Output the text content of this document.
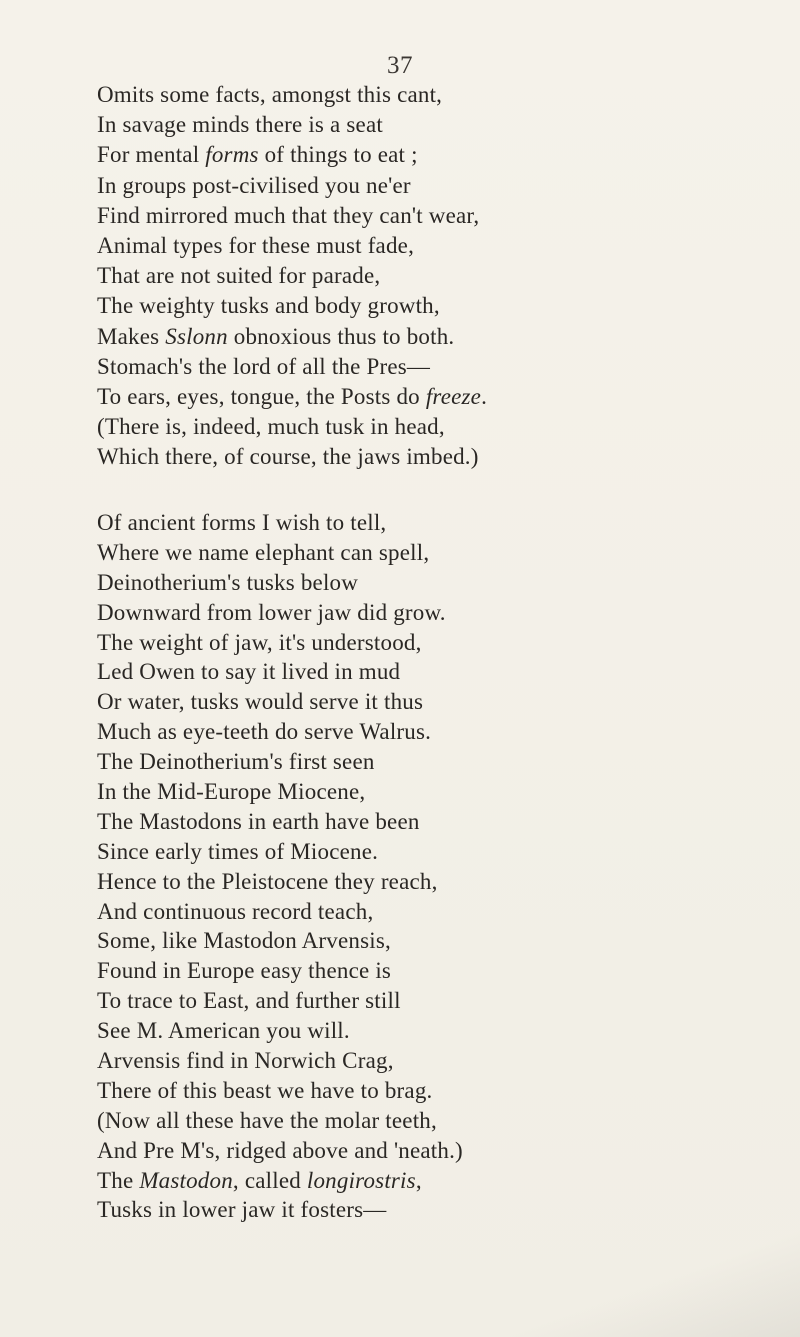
37
Omits some facts, amongst this cant,
In savage minds there is a seat
For mental forms of things to eat ;
In groups post-civilised you ne'er
Find mirrored much that they can't wear,
Animal types for these must fade,
That are not suited for parade,
The weighty tusks and body growth,
Makes Sslonn obnoxious thus to both.
Stomach's the lord of all the Pres—
To ears, eyes, tongue, the Posts do freeze.
(There is, indeed, much tusk in head,
Which there, of course, the jaws imbed.)
Of ancient forms I wish to tell,
Where we name elephant can spell,
Deinotherium's tusks below
Downward from lower jaw did grow.
The weight of jaw, it's understood,
Led Owen to say it lived in mud
Or water, tusks would serve it thus
Much as eye-teeth do serve Walrus.
The Deinotherium's first seen
In the Mid-Europe Miocene,
The Mastodons in earth have been
Since early times of Miocene.
Hence to the Pleistocene they reach,
And continuous record teach,
Some, like Mastodon Arvensis,
Found in Europe easy thence is
To trace to East, and further still
See M. American you will.
Arvensis find in Norwich Crag,
There of this beast we have to brag.
(Now all these have the molar teeth,
And Pre M's, ridged above and 'neath.)
The Mastodon, called longirostris,
Tusks in lower jaw it fosters—
